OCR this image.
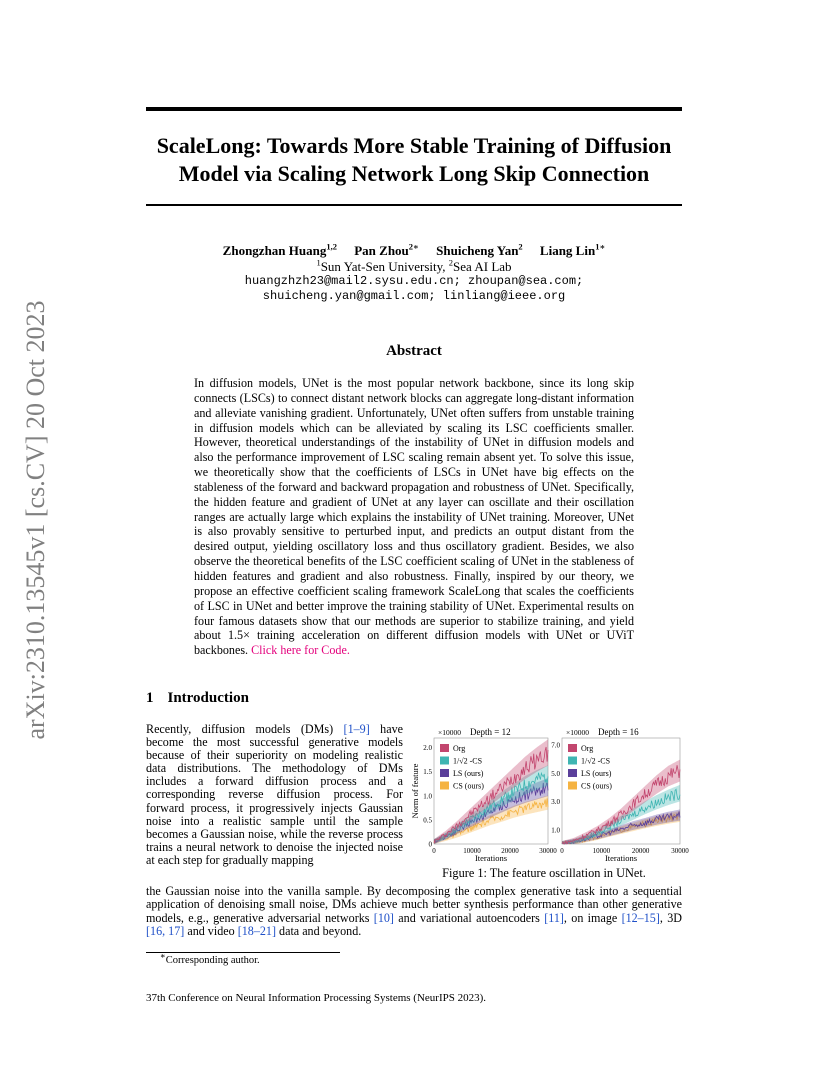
arXiv:2310.13545v1 [cs.CV] 20 Oct 2023
ScaleLong: Towards More Stable Training of Diffusion
Model via Scaling Network Long Skip Connection
Zhongzhan Huang$^{1,2}$ Pan Zhou$^{2∗}$ Shuicheng Yan$^2$ Liang Lin$^{1∗}$
$^1$Sun Yat-Sen University, $^2$Sea AI Lab
huangzhzh23@mail2.sysu.edu.cn; zhoupan@sea.com;
shuicheng.yan@gmail.com; linliang@ieee.org
Abstract
In diffusion models, UNet is the most popular network backbone, since its long skip connects (LSCs) to connect distant network blocks can aggregate long-distant information and alleviate vanishing gradient. Unfortunately, UNet often suffers from unstable training in diffusion models which can be alleviated by scaling its LSC coefficients smaller. However, theoretical understandings of the instability of UNet in diffusion models and also the performance improvement of LSC scaling remain absent yet. To solve this issue, we theoretically show that the coefficients of LSCs in UNet have big effects on the stableness of the forward and backward propagation and robustness of UNet. Specifically, the hidden feature and gradient of UNet at any layer can oscillate and their oscillation ranges are actually large which explains the instability of UNet training. Moreover, UNet is also provably sensitive to perturbed input, and predicts an output distant from the desired output, yielding oscillatory loss and thus oscillatory gradient. Besides, we also observe the theoretical benefits of the LSC coefficient scaling of UNet in the stableness of hidden features and gradient and also robustness. Finally, inspired by our theory, we propose an effective coefficient scaling framework ScaleLong that scales the coefficients of LSC in UNet and better improve the training stability of UNet. Experimental results on four famous datasets show that our methods are superior to stabilize training, and yield about 1.5× training acceleration on different diffusion models with UNet or UViT backbones. Click here for Code.
1 Introduction
Recently, diffusion models (DMs) [1–9] have become the most successful generative models because of their superiority on modeling realistic data distributions. The methodology of DMs includes a forward diffusion process and a corresponding reverse diffusion process. For forward process, it progressively injects Gaussian noise into a realistic sample until the sample becomes a Gaussian noise, while the reverse process trains a neural network to denoise the injected noise at each step for gradually mapping
the Gaussian noise into the vanilla sample. By decomposing the complex generative task into a sequential application of denoising small noise, DMs achieve much better synthesis performance than other generative models, e.g., generative adversarial networks [10] and variational autoencoders [11], on image [12–15], 3D [16, 17] and video [18–21] data and beyond.
×10000 Depth = 12
0
0.5
1.0
1.5
2.0
0	10000	20000	30000
Iterations
Norm of feature
Org
1/√2 -CS
LS (ours)
CS (ours)
×10000 Depth = 16
1.0
3.0
5.0
7.0
0	10000	20000	30000
Iterations
Org
1/√2 -CS
LS (ours)
CS (ours)
Figure 1: The feature oscillation in UNet.
∗Corresponding author.
37th Conference on Neural Information Processing Systems (NeurIPS 2023).
